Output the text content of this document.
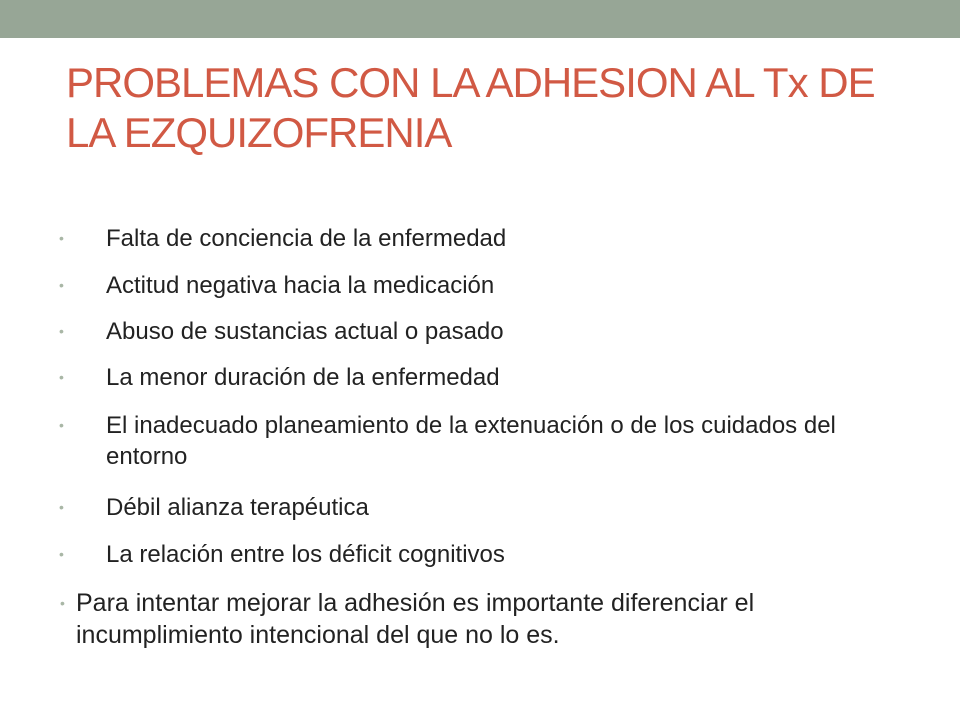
PROBLEMAS CON LA ADHESION AL Tx DE LA EZQUIZOFRENIA

• Falta de conciencia de la enfermedad

• Actitud negativa hacia la medicación

• Abuso de sustancias actual o pasado

• La menor duración de la enfermedad

• El inadecuado planeamiento de la extenuación o de los cuidados del entorno

• Débil alianza terapéutica

• La relación entre los déficit cognitivos

• Para intentar mejorar la adhesión es importante diferenciar el incumplimiento intencional del que no lo es.
